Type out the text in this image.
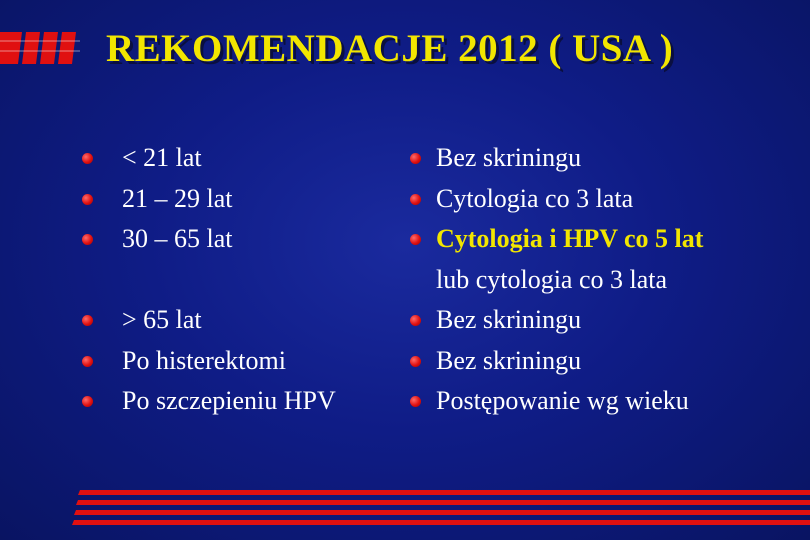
REKOMENDACJE 2012 ( USA )
< 21 lat
21 – 29 lat
30 – 65 lat
> 65 lat
Po histerektomi
Po szczepieniu HPV
Bez skriningu
Cytologia co 3 lata
Cytologia i HPV co 5 lat
lub cytologia co 3 lata
Bez skriningu
Bez skriningu
Postępowanie wg wieku
